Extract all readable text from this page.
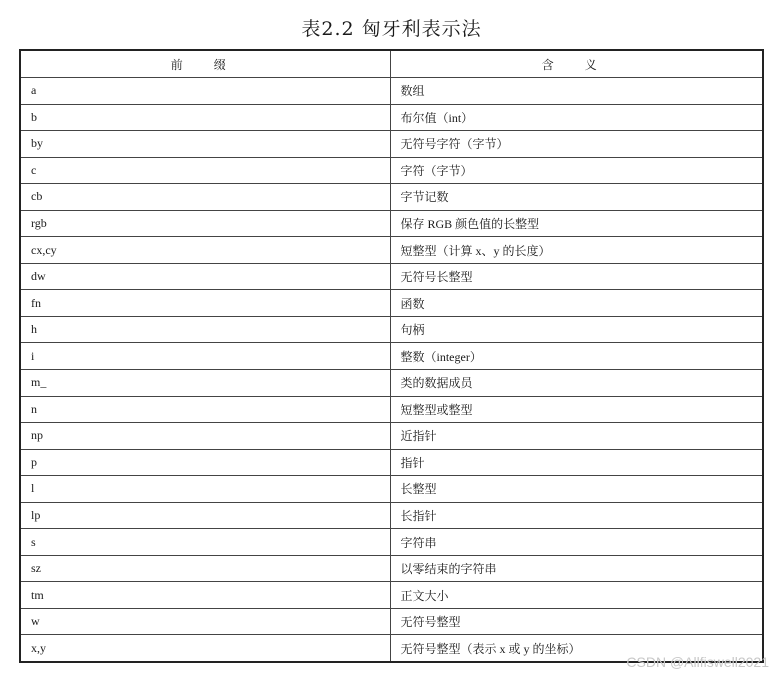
表2.2 匈牙利表示法
前 缀	含 义
a	数组
b	布尔值（int）
by	无符号字符（字节）
c	字符（字节）
cb	字节记数
rgb	保存 RGB 颜色值的长整型
cx,cy	短整型（计算 x、y 的长度）
dw	无符号长整型
fn	函数
h	句柄
i	整数（integer）
m_	类的数据成员
n	短整型或整型
np	近指针
p	指针
l	长整型
lp	长指针
s	字符串
sz	以零结束的字符串
tm	正文大小
w	无符号整型
x,y	无符号整型（表示 x 或 y 的坐标）
CSDN @Allfiswell2021
